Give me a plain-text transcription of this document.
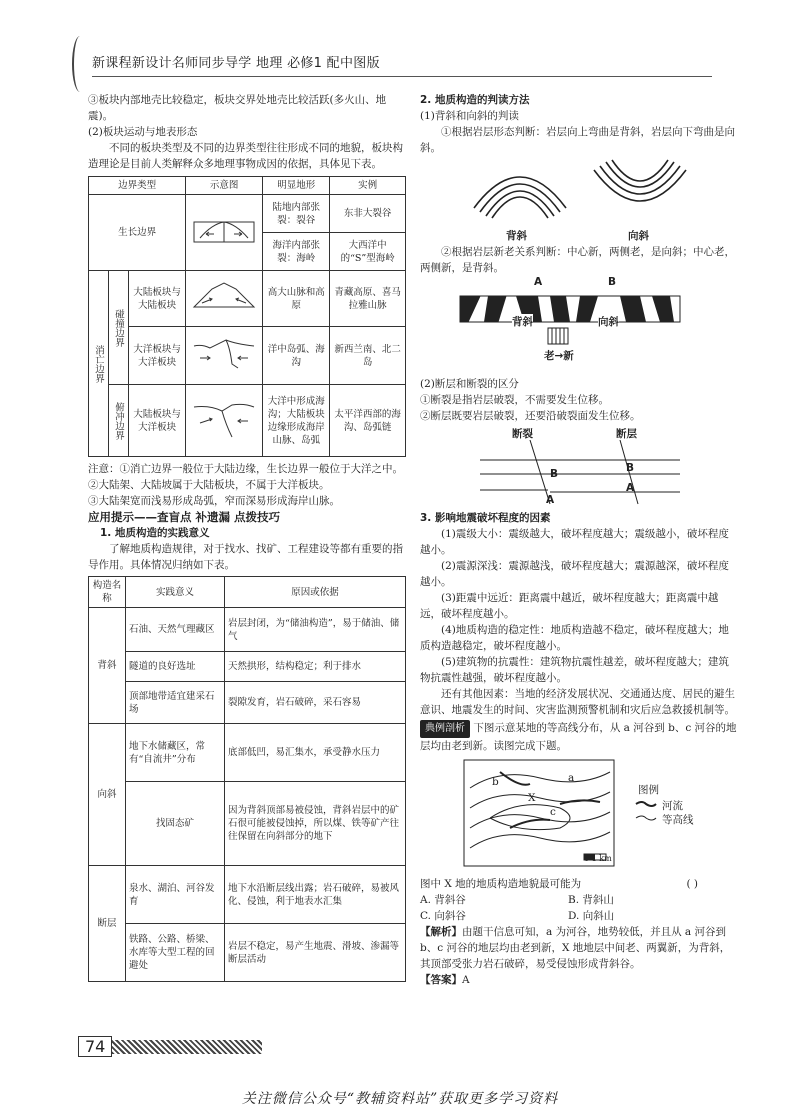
新课程新设计名师同步导学 地理 必修1 配中图版

③板块内部地壳比较稳定，板块交界处地壳比较活跃(多火山、地震)。

(2)板块运动与地表形态

不同的板块类型及不同的边界类型往往形成不同的地貌，板块构造理论是目前人类解释众多地理事物成因的依据，具体见下表。

边界类型			示意图	明显地形	实例
生长边界				陆地内部张裂：裂谷	东非大裂谷
				海洋内部张裂：海岭	大西洋中的“S”型海岭
消亡边界	碰撞边界	大陆板块与大陆板块		高大山脉和高原	青藏高原、喜马拉雅山脉
		大洋板块与大洋板块		洋中岛弧、海沟	新西兰南、北二岛
	俯冲边界	大陆板块与大洋板块		大洋中形成海沟；大陆板块边缘形成海岸山脉、岛弧	太平洋西部的海沟、岛弧链

注意：①消亡边界一般位于大陆边缘，生长边界一般位于大洋之中。

②大陆架、大陆坡属于大陆板块，不属于大洋板块。

③大陆架宽而浅易形成岛弧，窄而深易形成海岸山脉。

应用提示——查盲点 补遗漏 点拨技巧

1. 地质构造的实践意义

了解地质构造规律，对于找水、找矿、工程建设等都有重要的指导作用。具体情况归纳如下表。

构造名称	实践意义	原因或依据
背斜	石油、天然气理藏区	岩层封闭，为“储油构造”，易于储油、储气
	隧道的良好选址	天然拱形，结构稳定；利于排水
	顶部地带适宜建采石场	裂隙发育，岩石破碎，采石容易
向斜	地下水储藏区，常有“自流井”分布	底部低凹，易汇集水，承受静水压力
	找固态矿	因为背斜顶部易被侵蚀，背斜岩层中的矿石很可能被侵蚀掉，所以煤、铁等矿产往往保留在向斜部分的地下
断层	泉水、湖泊、河谷发育	地下水沿断层线出露；岩石破碎，易被风化、侵蚀，利于地表水汇集
	铁路、公路、桥梁、水库等大型工程的回避处	岩层不稳定，易产生地震、滑坡、渗漏等断层活动

2. 地质构造的判读方法

(1)背斜和向斜的判读

①根据岩层形态判断：岩层向上弯曲是背斜，岩层向下弯曲是向斜。

背斜	向斜

②根据岩层新老关系判断：中心新，两侧老，是向斜；中心老，两侧新，是背斜。

A	B
背斜	向斜
老→新

(2)断层和断裂的区分

①断裂是指岩层破裂，不需要发生位移。

②断层既要岩层破裂，还要沿破裂面发生位移。

断裂	断层
B
A
B
A

3. 影响地震破坏程度的因素

(1)震级大小：震级越大，破坏程度越大；震级越小，破坏程度越小。

(2)震源深浅：震源越浅，破坏程度越大；震源越深，破坏程度越小。

(3)距震中远近：距离震中越近，破坏程度越大；距离震中越远，破坏程度越小。

(4)地质构造的稳定性：地质构造越不稳定，破坏程度越大；地质构造越稳定，破坏程度越小。

(5)建筑物的抗震性：建筑物抗震性越差，破坏程度越大；建筑物抗震性越强，破坏程度越小。

还有其他因素：当地的经济发展状况、交通通达度、居民的避生意识、地震发生的时间、灾害监测预警机制和灾后应急救援机制等。

典例剖析 下图示意某地的等高线分布，从 a 河谷到 b、c 河谷的地层均由老到新。读图完成下题。

b
X
c
a
0 1 km
图例
河流
等高线

图中 X 地的地质构造地貌最可能为	( )

A. 背斜谷	B. 背斜山

C. 向斜谷	D. 向斜山

【解析】由题干信息可知，a 为河谷，地势较低，并且从 a 河谷到 b、c 河谷的地层均由老到新，X 地地层中间老、两翼新，为背斜，其顶部受张力岩石破碎，易受侵蚀形成背斜谷。

【答案】A

74
关注微信公众号“教辅资料站”获取更多学习资料
